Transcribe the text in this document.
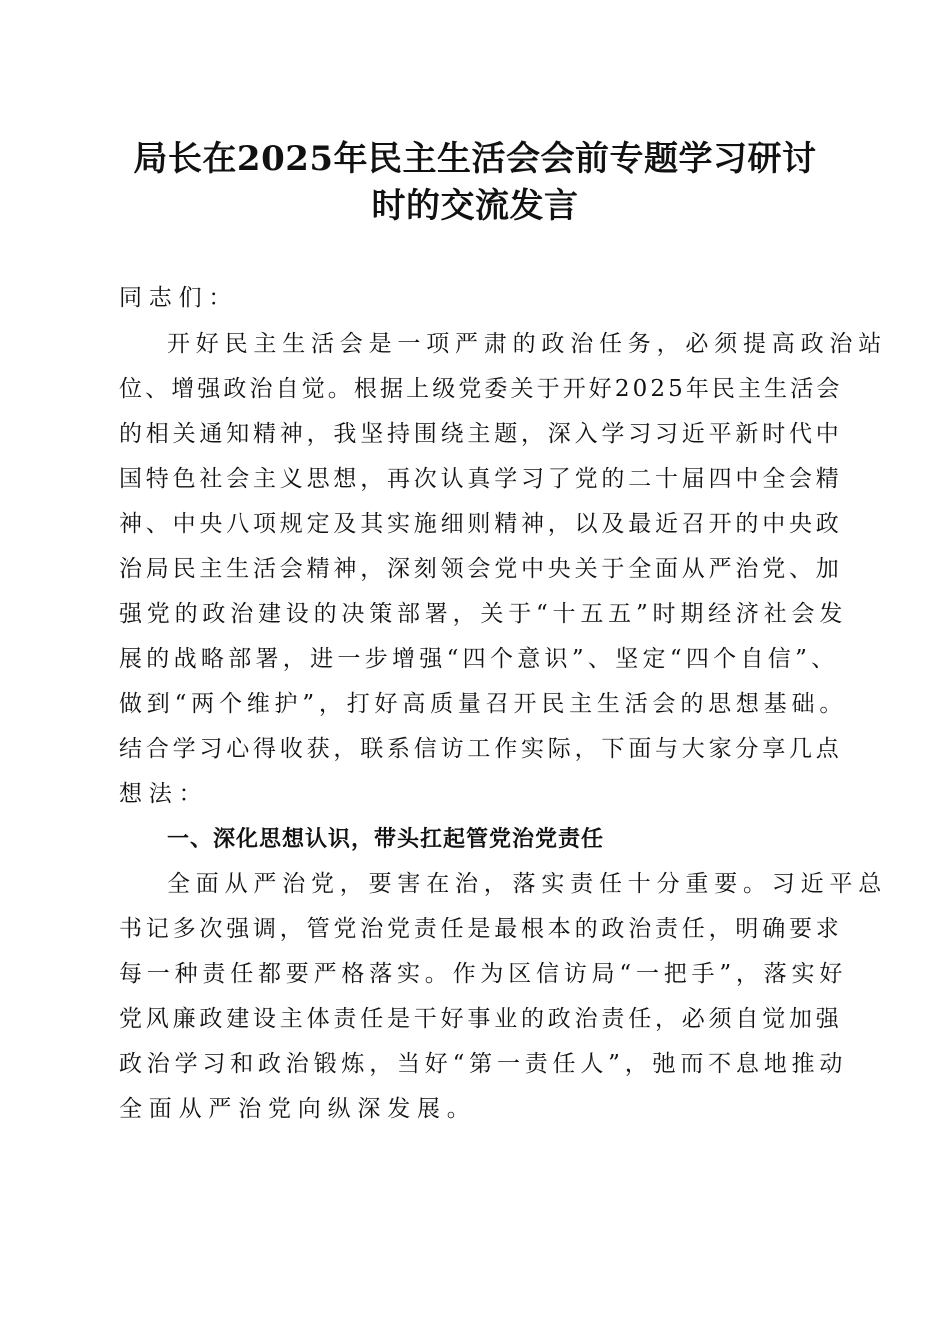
局长在2025年民主生活会会前专题学习研讨
时的交流发言
同志们：
开好民主生活会是一项严肃的政治任务，必须提高政治站
位、增强政治自觉。根据上级党委关于开好2025年民主生活会
的相关通知精神，我坚持围绕主题，深入学习习近平新时代中
国特色社会主义思想，再次认真学习了党的二十届四中全会精
神、中央八项规定及其实施细则精神，以及最近召开的中央政
治局民主生活会精神，深刻领会党中央关于全面从严治党、加
强党的政治建设的决策部署，关于“十五五”时期经济社会发
展的战略部署，进一步增强“四个意识”、坚定“四个自信”、
做到“两个维护”，打好高质量召开民主生活会的思想基础。
结合学习心得收获，联系信访工作实际，下面与大家分享几点
想法：
一、深化思想认识，带头扛起管党治党责任
全面从严治党，要害在治，落实责任十分重要。习近平总
书记多次强调，管党治党责任是最根本的政治责任，明确要求
每一种责任都要严格落实。作为区信访局“一把手”，落实好
党风廉政建设主体责任是干好事业的政治责任，必须自觉加强
政治学习和政治锻炼，当好“第一责任人”，弛而不息地推动
全面从严治党向纵深发展。
